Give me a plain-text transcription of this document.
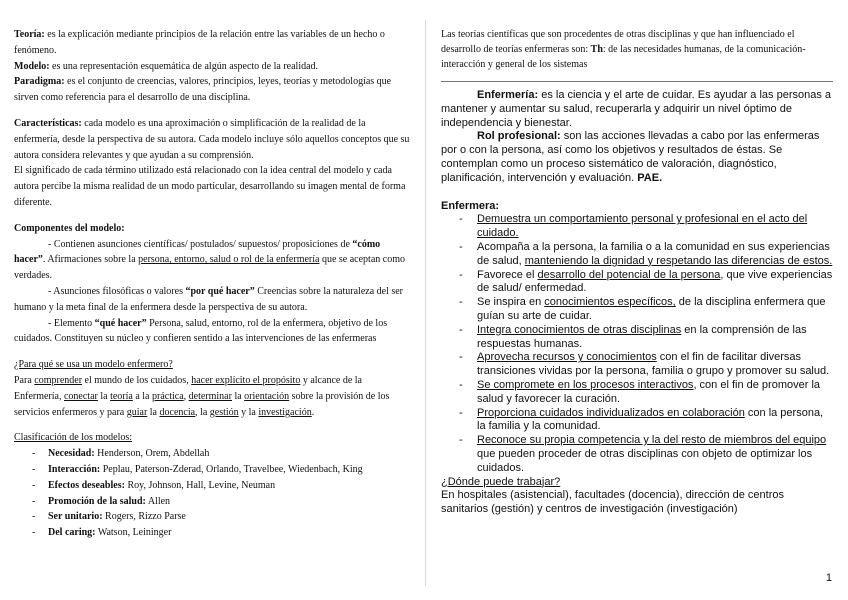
Teoría: es la explicación mediante principios de la relación entre las variables de un hecho o fenómeno.

Modelo: es una representación esquemática de algún aspecto de la realidad.

Paradigma: es el conjunto de creencias, valores, principios, leyes, teorías y metodologías que sirven como referencia para el desarrollo de una disciplina.

Características: cada modelo es una aproximación o simplificación de la realidad de la enfermería, desde la perspectiva de su autora. Cada modelo incluye sólo aquellos conceptos que su autora considera relevantes y que ayudan a su comprensión.

El significado de cada término utilizado está relacionado con la idea central del modelo y cada autora percibe la misma realidad de un modo particular, desarrollando su imagen mental de forma diferente.

Componentes del modelo:

- Contienen asunciones científicas/ postulados/ supuestos/ proposiciones de “cómo hacer”. Afirmaciones sobre la persona, entorno, salud o rol de la enfermería que se aceptan como verdades.

- Asunciones filosóficas o valores “por qué hacer” Creencias sobre la naturaleza del ser humano y la meta final de la enfermera desde la perspectiva de su autora.

- Elemento “qué hacer” Persona, salud, entorno, rol de la enfermera, objetivo de los cuidados. Constituyen su núcleo y confieren sentido a las intervenciones de las enfermeras

¿Para qué se usa un modelo enfermero?

Para comprender el mundo de los cuidados, hacer explícito el propósito y alcance de la Enfermería, conectar la teoría a la práctica, determinar la orientación sobre la provisión de los servicios enfermeros y para guiar la docencia, la gestión y la investigación.

Clasificación de los modelos:

- Necesidad: Henderson, Orem, Abdellah
- Interacción: Peplau, Paterson-Zderad, Orlando, Travelbee, Wiedenbach, King
- Efectos deseables: Roy, Johnson, Hall, Levine, Neuman
- Promoción de la salud: Allen
- Ser unitario: Rogers, Rizzo Parse
- Del caring: Watson, Leininger

Las teorías científicas que son procedentes de otras disciplinas y que han influenciado el desarrollo de teorías enfermeras son: Th: de las necesidades humanas, de la comunicación-interacción y general de los sistemas

Enfermería: es la ciencia y el arte de cuidar. Es ayudar a las personas a mantener y aumentar su salud, recuperarla y adquirir un nivel óptimo de independencia y bienestar.

Rol profesional: son las acciones llevadas a cabo por las enfermeras por o con la persona, así como los objetivos y resultados de éstas. Se contemplan como un proceso sistemático de valoración, diagnóstico, planificación, intervención y evaluación. PAE.

Enfermera:

- Demuestra un comportamiento personal y profesional en el acto del cuidado.
- Acompaña a la persona, la familia o a la comunidad en sus experiencias de salud, manteniendo la dignidad y respetando las diferencias de estos.
- Favorece el desarrollo del potencial de la persona, que vive experiencias de salud/ enfermedad.
- Se inspira en conocimientos específicos, de la disciplina enfermera que guían su arte de cuidar.
- Integra conocimientos de otras disciplinas en la comprensión de las respuestas humanas.
- Aprovecha recursos y conocimientos con el fin de facilitar diversas transiciones vividas por la persona, familia o grupo y promover su salud.
- Se compromete en los procesos interactivos, con el fin de promover la salud y favorecer la curación.
- Proporciona cuidados individualizados en colaboración con la persona, la familia y la comunidad.
- Reconoce su propia competencia y la del resto de miembros del equipo que pueden proceder de otras disciplinas con objeto de optimizar los cuidados.

¿Dónde puede trabajar?

En hospitales (asistencial), facultades (docencia), dirección de centros sanitarios (gestión) y centros de investigación (investigación)

1
